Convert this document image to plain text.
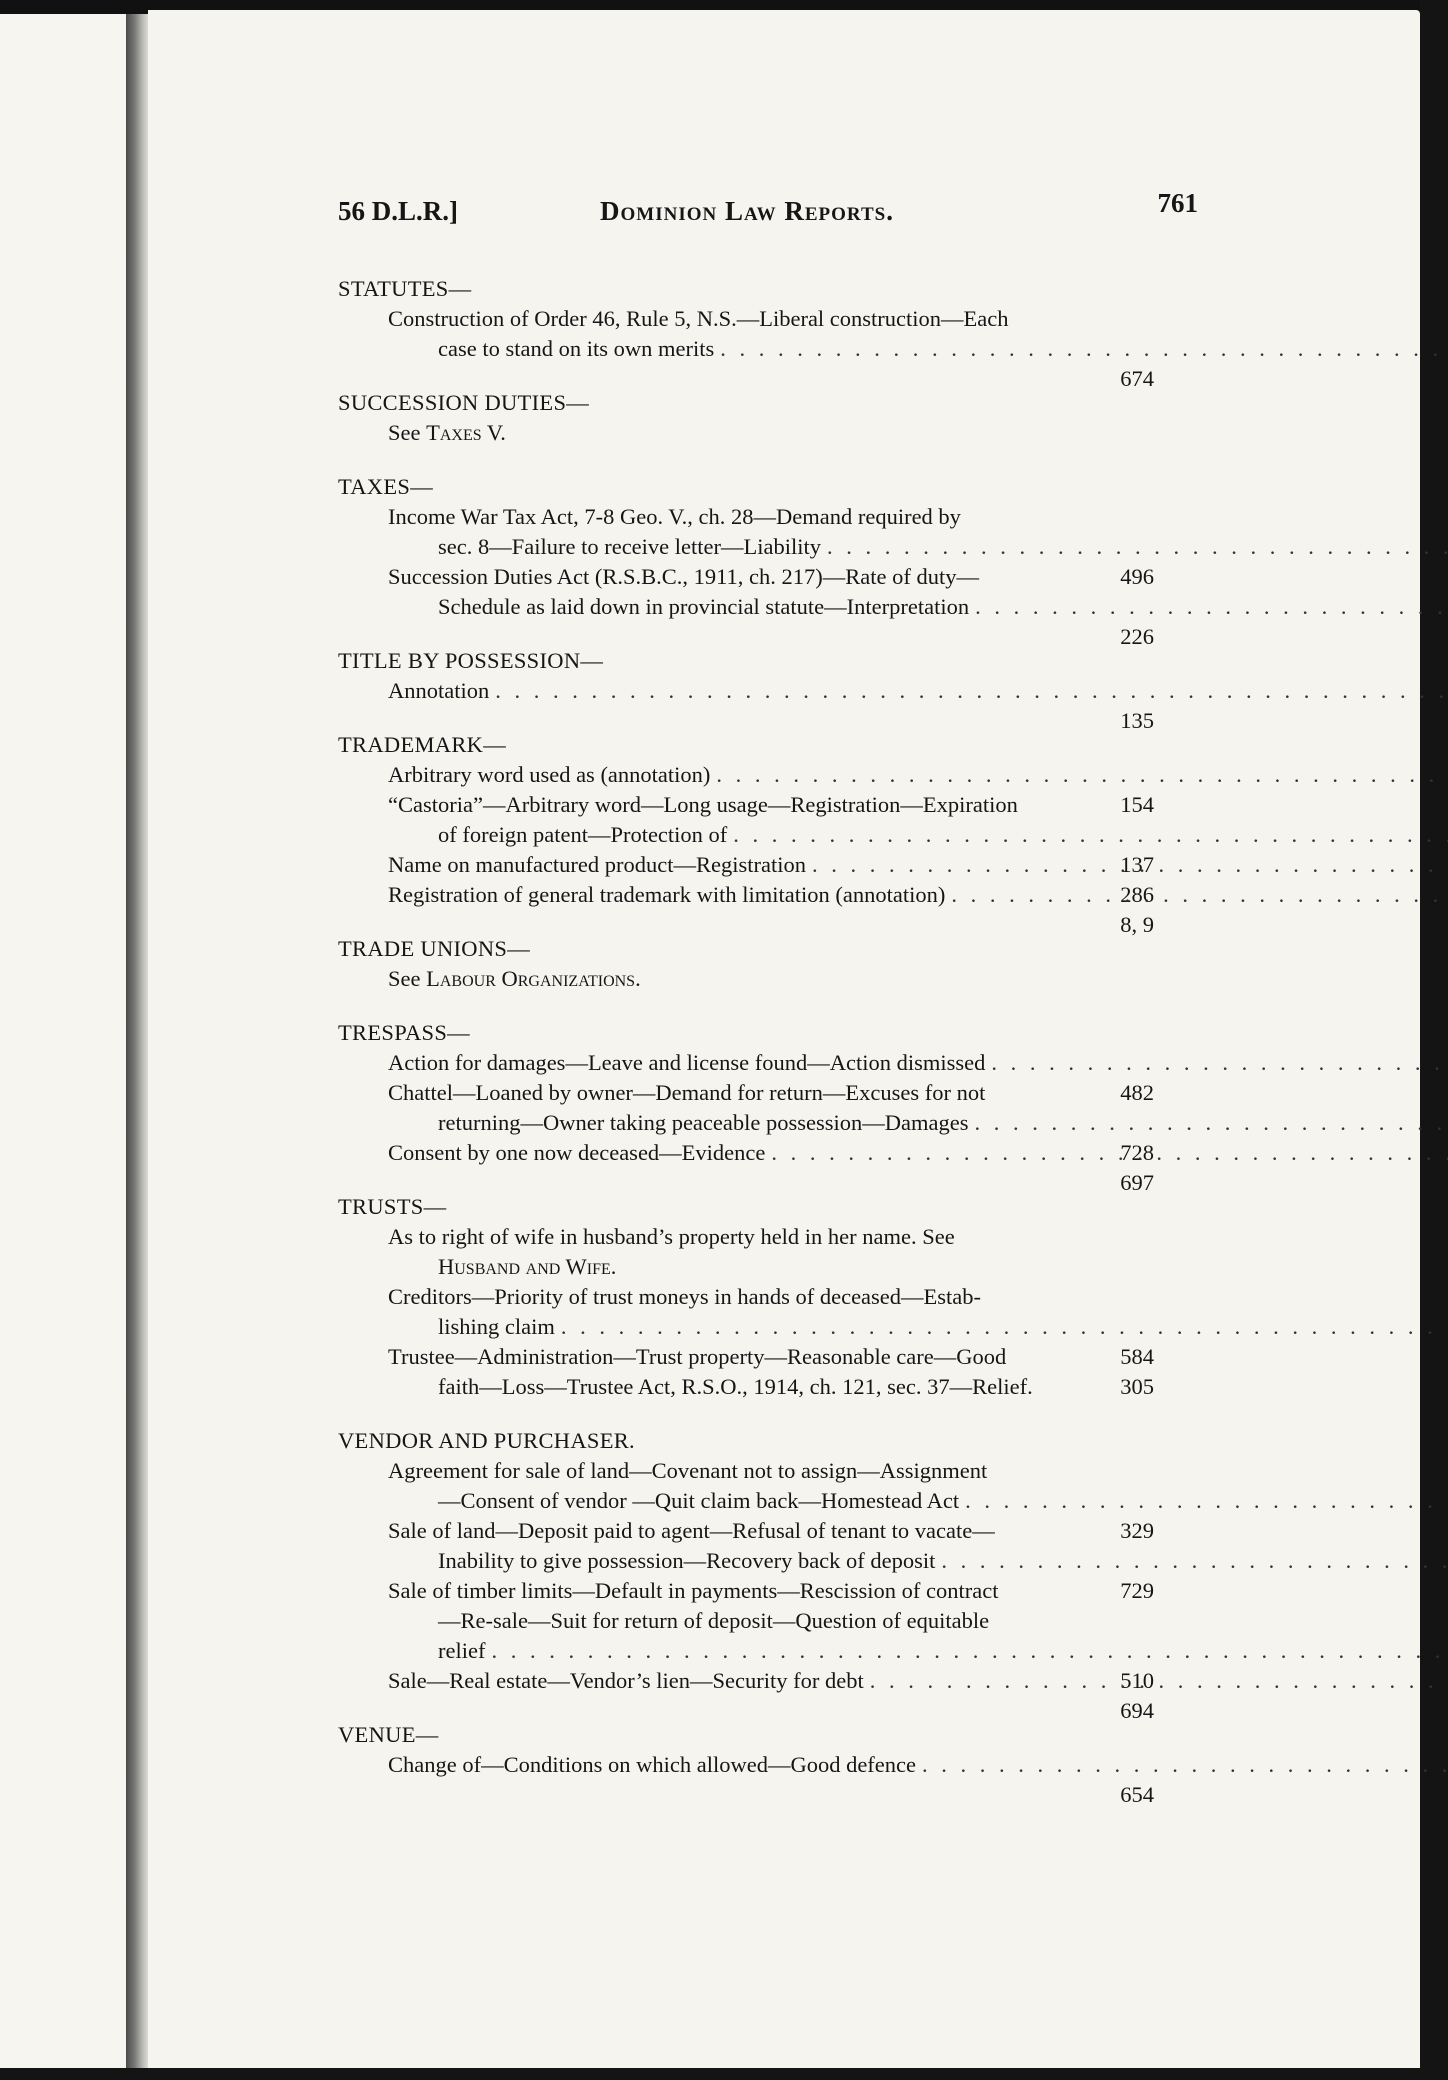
56 D.L.R.]	Dominion Law Reports.	761
STATUTES—
Construction of Order 46, Rule 5, N.S.—Liberal construction—Each
case to stand on its own merits . . .
674
SUCCESSION DUTIES—
See Taxes V.
TAXES—
Income War Tax Act, 7-8 Geo. V., ch. 28—Demand required by
sec. 8—Failure to receive letter—Liability . . .
496
Succession Duties Act (R.S.B.C., 1911, ch. 217)—Rate of duty—
Schedule as laid down in provincial statute—Interpretation . . .
226
TITLE BY POSSESSION—
Annotation . . .
135
TRADEMARK—
Arbitrary word used as (annotation) . . .
154
“Castoria”—Arbitrary word—Long usage—Registration—Expiration
of foreign patent—Protection of . . .
137
Name on manufactured product—Registration . . .
286
Registration of general trademark with limitation (annotation) . . .
8, 9
TRADE UNIONS—
See Labour Organizations.
TRESPASS—
Action for damages—Leave and license found—Action dismissed . . .
482
Chattel—Loaned by owner—Demand for return—Excuses for not
returning—Owner taking peaceable possession—Damages . . .
728
Consent by one now deceased—Evidence . . .
697
TRUSTS—
As to right of wife in husband’s property held in her name. See
Husband and Wife.
Creditors—Priority of trust moneys in hands of deceased—Estab-
lishing claim . . .
584
Trustee—Administration—Trust property—Reasonable care—Good
faith—Loss—Trustee Act, R.S.O., 1914, ch. 121, sec. 37—Relief.	305
VENDOR AND PURCHASER.
Agreement for sale of land—Covenant not to assign—Assignment
—Consent of vendor —Quit claim back—Homestead Act . . .
329
Sale of land—Deposit paid to agent—Refusal of tenant to vacate—
Inability to give possession—Recovery back of deposit . . .
729
Sale of timber limits—Default in payments—Rescission of contract
—Re-sale—Suit for return of deposit—Question of equitable
relief . . .
510
Sale—Real estate—Vendor’s lien—Security for debt . . .
694
VENUE—
Change of—Conditions on which allowed—Good defence . . .
654
